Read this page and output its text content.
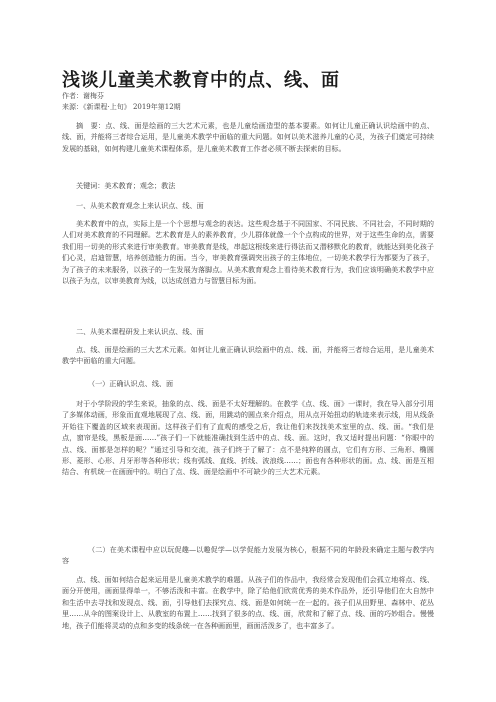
浅谈儿童美术教育中的点、线、面
作者：谢梅芬
来源：《新课程·上旬》 2019年第12期

摘　要：点、线、面是绘画的三大艺术元素，也是儿童绘画造型的基本要素。如何让儿童正确认识绘画中的点、线、面，并能将三者综合运用，是儿童美术教学中面临的重大问题。如何以美术滋养儿童的心灵，为孩子们奠定可持续发展的基础，如何构建儿童美术课程体系，是儿童美术教育工作者必须不断去探索的目标。

关键词：美术教育；观念；教法

一、从美术教育观念上来认识点、线、面

美术教育中的点，实际上是一个个思想与观念的表达。这些观念基于不同国家、不同民族、不同社会，不同时期的人们对美术教育的不同理解。艺术教育是人的素养教育，少儿群体就像一个个点构成的世界，对于这些生命的点，需要我们用一切美的形式来进行审美教育。审美教育是线，串起这根线来进行得法而又潜移默化的教育，就能达到美化孩子们心灵，启迪智慧，培养创造能力的面。当今，审美教育强调突出孩子的主体地位，一切美术教学行为都要为了孩子，为了孩子的未来服务，以孩子的一生发展为落脚点。从美术教育观念上看待美术教育行为，我们应该明确美术教学中应以孩子为点，以审美教育为线，以达成创造力与智慧目标为面。

二、从美术课程研发上来认识点、线、面

点、线、面是绘画的三大艺术元素。如何让儿童正确认识绘画中的点、线、面，并能将三者综合运用，是儿童美术教学中面临的重大问题。

（一）正确认识点、线、面

对于小学阶段的学生来说，抽象的点、线、面是不太好理解的。在教学《点、线、面》一课时，我在导入部分引用了多媒体动画，形象而直观地展现了点、线、面，用跳动的圆点来介绍点，用从点开始扭动的轨迹来表示线，用从线条开始往下覆盖的区域来表现面。这样孩子们有了直观的感受之后，我让他们来找找美术室里的点、线、面。“我们是点，窗帘是线，黑板是面……”孩子们一下就能准确找到生活中的点、线、面。这时，我又适时提出问题：“你眼中的点、线、面都是怎样的呢？”通过引导和交流，孩子们终于了解了：点不是纯粹的圆点，它们有方形、三角形、椭圆形、菱形、心形、月牙形等各种形状；线有弧线、直线、折线、波浪线……；面也有各种形状的面。点、线、面是互相结合、有机统一在画面中的。明白了点、线、面是绘画中不可缺少的三大艺术元素。

（二）在美术课程中应以玩促趣—以趣促学—以学促能力发展为核心，根据不同的年龄段来确定主题与教学内容

点、线、面如何结合起来运用是儿童美术教学的难题。从孩子们的作品中，我经常会发现他们会孤立地将点、线、面分开使用，画面显得单一，不够活泼和丰富。在教学中，除了给他们欣赏优秀的美术作品外，还引导他们在大自然中和生活中去寻找和发现点、线、面，引导他们去探究点、线、面是如何统一在一起的。孩子们从田野里、森林中、花丛里……从伞的图案设计上、从教室的布置上……找到了很多的点、线、面，欣赏和了解了点、线、面的巧妙组合。慢慢地，孩子们能将灵动的点和多变的线条统一在各种画面里，画面活泼多了，也丰富多了。
